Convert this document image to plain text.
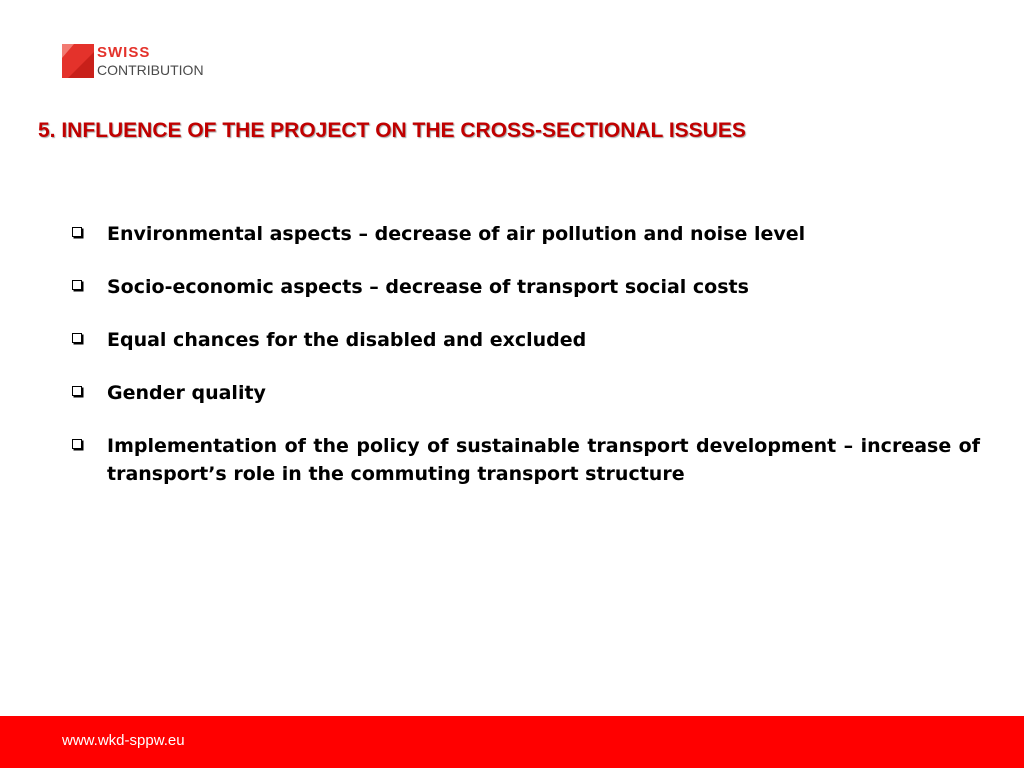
SWISS
CONTRIBUTION
5. INFLUENCE OF THE PROJECT ON THE CROSS-SECTIONAL ISSUES
Environmental aspects – decrease of air pollution and noise level
Socio-economic aspects – decrease of transport social costs
Equal chances for the disabled and excluded
Gender quality
Implementation of the policy of sustainable transport development – increase of transport’s role in the commuting transport structure
www.wkd-sppw.eu
